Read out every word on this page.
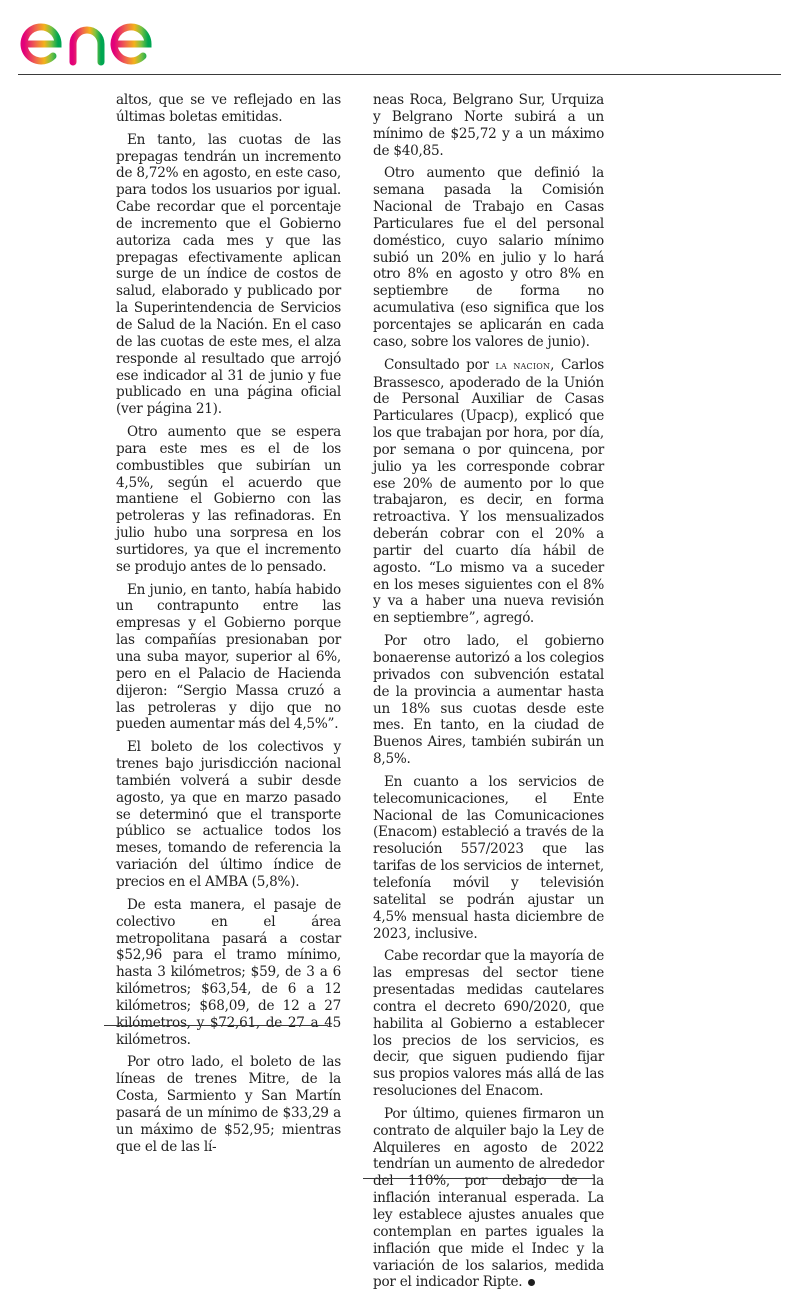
altos, que se ve reflejado en las últimas boletas emitidas.

En tanto, las cuotas de las prepagas tendrán un incremento de 8,72% en agosto, en este caso, para todos los usuarios por igual. Cabe recordar que el porcentaje de incremento que el Gobierno autoriza cada mes y que las prepagas efectivamente aplican surge de un índice de costos de salud, elaborado y publicado por la Superintendencia de Servicios de Salud de la Nación. En el caso de las cuotas de este mes, el alza responde al resultado que arrojó ese indicador al 31 de junio y fue publicado en una página oficial (ver página 21).

Otro aumento que se espera para este mes es el de los combustibles que subirían un 4,5%, según el acuerdo que mantiene el Gobierno con las petroleras y las refinadoras. En julio hubo una sorpresa en los surtidores, ya que el incremento se produjo antes de lo pensado.

En junio, en tanto, había habido un contrapunto entre las empresas y el Gobierno porque las compañías presionaban por una suba mayor, superior al 6%, pero en el Palacio de Hacienda dijeron: “Sergio Massa cruzó a las petroleras y dijo que no pueden aumentar más del 4,5%”.

El boleto de los colectivos y trenes bajo jurisdicción nacional también volverá a subir desde agosto, ya que en marzo pasado se determinó que el transporte público se actualice todos los meses, tomando de referencia la variación del último índice de precios en el AMBA (5,8%).

De esta manera, el pasaje de colectivo en el área metropolitana pasará a costar $52,96 para el tramo mínimo, hasta 3 kilómetros; $59, de 3 a 6 kilómetros; $63,54, de 6 a 12 kilómetros; $68,09, de 12 a 27 kilómetros, y $72,61, de 27 a 45 kilómetros.

Por otro lado, el boleto de las líneas de trenes Mitre, de la Costa, Sarmiento y San Martín pasará de un mínimo de $33,29 a un máximo de $52,95; mientras que el de las lí-

neas Roca, Belgrano Sur, Urquiza y Belgrano Norte subirá a un mínimo de $25,72 y a un máximo de $40,85.

Otro aumento que definió la semana pasada la Comisión Nacional de Trabajo en Casas Particulares fue el del personal doméstico, cuyo salario mínimo subió un 20% en julio y lo hará otro 8% en agosto y otro 8% en septiembre de forma no acumulativa (eso significa que los porcentajes se aplicarán en cada caso, sobre los valores de junio).

Consultado por la nacion, Carlos Brassesco, apoderado de la Unión de Personal Auxiliar de Casas Particulares (Upacp), explicó que los que trabajan por hora, por día, por semana o por quincena, por julio ya les corresponde cobrar ese 20% de aumento por lo que trabajaron, es decir, en forma retroactiva. Y los mensualizados deberán cobrar con el 20% a partir del cuarto día hábil de agosto. “Lo mismo va a suceder en los meses siguientes con el 8% y va a haber una nueva revisión en septiembre”, agregó.

Por otro lado, el gobierno bonaerense autorizó a los colegios privados con subvención estatal de la provincia a aumentar hasta un 18% sus cuotas desde este mes. En tanto, en la ciudad de Buenos Aires, también subirán un 8,5%.

En cuanto a los servicios de telecomunicaciones, el Ente Nacional de las Comunicaciones (Enacom) estableció a través de la resolución 557/2023 que las tarifas de los servicios de internet, telefonía móvil y televisión satelital se podrán ajustar un 4,5% mensual hasta diciembre de 2023, inclusive.

Cabe recordar que la mayoría de las empresas del sector tiene presentadas medidas cautelares contra el decreto 690/2020, que habilita al Gobierno a establecer los precios de los servicios, es decir, que siguen pudiendo fijar sus propios valores más allá de las resoluciones del Enacom.

Por último, quienes firmaron un contrato de alquiler bajo la Ley de Alquileres en agosto de 2022 tendrían un aumento de alrededor del 110%, por debajo de la inflación interanual esperada. La ley establece ajustes anuales que contemplan en partes iguales la inflación que mide el Indec y la variación de los salarios, medida por el indicador Ripte.
